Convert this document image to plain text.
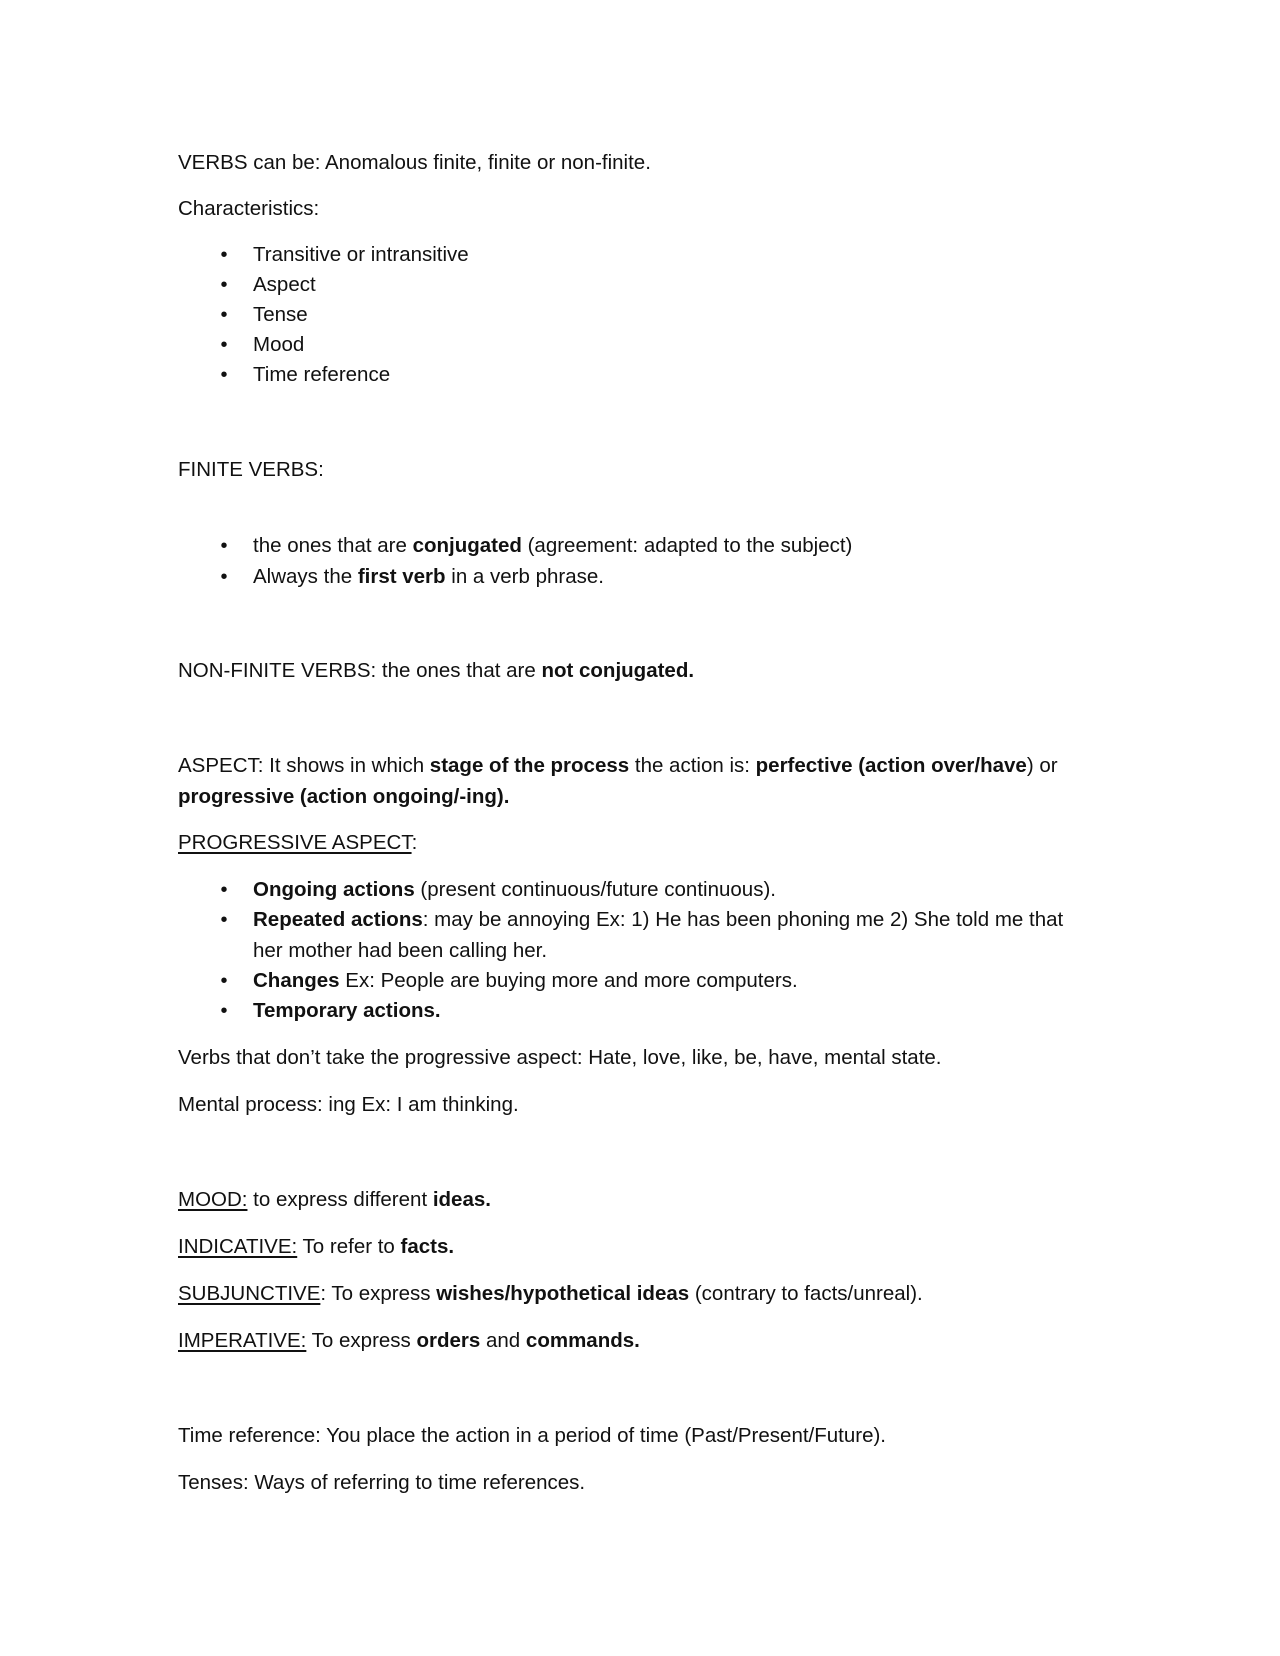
VERBS can be: Anomalous finite, finite or non-finite.
Characteristics:
•	Transitive or intransitive
•	Aspect
•	Tense
•	Mood
•	Time reference
FINITE VERBS:
•	the ones that are conjugated (agreement: adapted to the subject)
•	Always the first verb in a verb phrase.
NON-FINITE VERBS: the ones that are not conjugated.
ASPECT: It shows in which stage of the process the action is: perfective (action over/have) or
progressive (action ongoing/-ing).
PROGRESSIVE ASPECT:
•	Ongoing actions (present continuous/future continuous).
•	Repeated actions: may be annoying Ex: 1) He has been phoning me 2) She told me that
her mother had been calling her.
•	Changes Ex: People are buying more and more computers.
•	Temporary actions.
Verbs that don’t take the progressive aspect: Hate, love, like, be, have, mental state.
Mental process: ing Ex: I am thinking.
MOOD: to express different ideas.
INDICATIVE: To refer to facts.
SUBJUNCTIVE: To express wishes/hypothetical ideas (contrary to facts/unreal).
IMPERATIVE: To express orders and commands.
Time reference: You place the action in a period of time (Past/Present/Future).
Tenses: Ways of referring to time references.
